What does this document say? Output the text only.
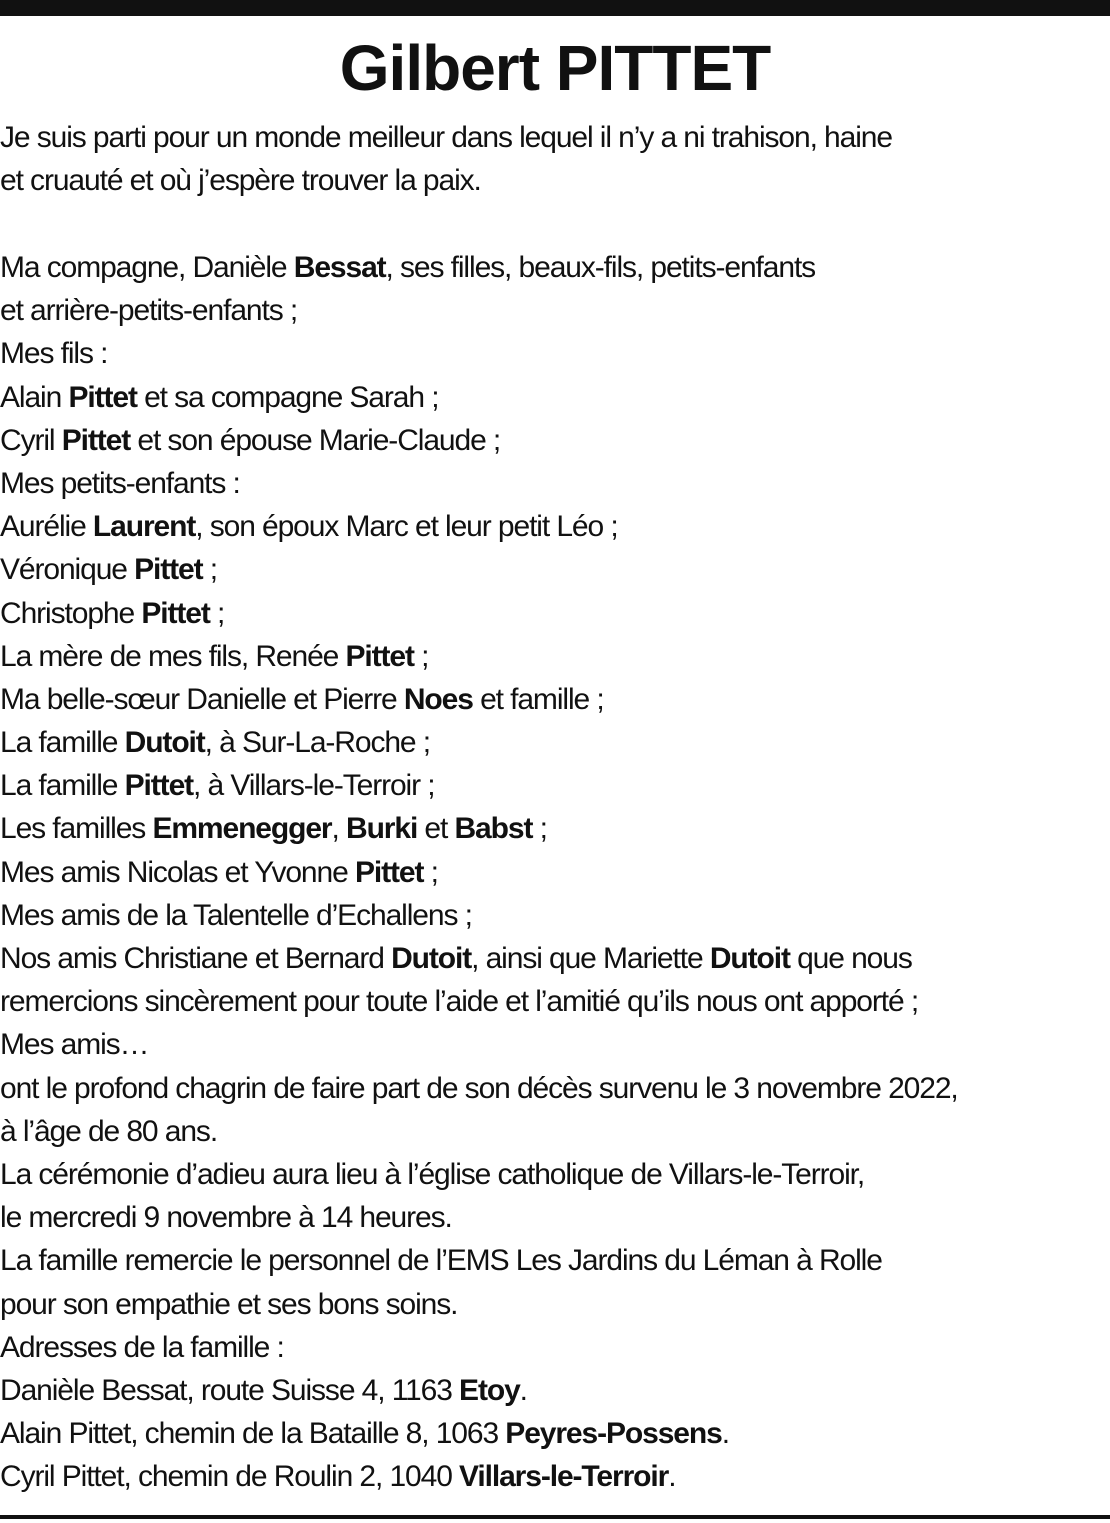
Gilbert PITTET
Je suis parti pour un monde meilleur dans lequel il n’y a ni trahison, haine
et cruauté et où j’espère trouver la paix.
Ma compagne, Danièle Bessat, ses filles, beaux-fils, petits-enfants
et arrière-petits-enfants ;
Mes fils :
Alain Pittet et sa compagne Sarah ;
Cyril Pittet et son épouse Marie-Claude ;
Mes petits-enfants :
Aurélie Laurent, son époux Marc et leur petit Léo ;
Véronique Pittet ;
Christophe Pittet ;
La mère de mes fils, Renée Pittet ;
Ma belle-sœur Danielle et Pierre Noes et famille ;
La famille Dutoit, à Sur-La-Roche ;
La famille Pittet, à Villars-le-Terroir ;
Les familles Emmenegger, Burki et Babst ;
Mes amis Nicolas et Yvonne Pittet ;
Mes amis de la Talentelle d’Echallens ;
Nos amis Christiane et Bernard Dutoit, ainsi que Mariette Dutoit que nous
remercions sincèrement pour toute l’aide et l’amitié qu’ils nous ont apporté ;
Mes amis…
ont le profond chagrin de faire part de son décès survenu le 3 novembre 2022,
à l’âge de 80 ans.
La cérémonie d’adieu aura lieu à l’église catholique de Villars-le-Terroir,
le mercredi 9 novembre à 14 heures.
La famille remercie le personnel de l’EMS Les Jardins du Léman à Rolle
pour son empathie et ses bons soins.
Adresses de la famille :
Danièle Bessat, route Suisse 4, 1163 Etoy.
Alain Pittet, chemin de la Bataille 8, 1063 Peyres-Possens.
Cyril Pittet, chemin de Roulin 2, 1040 Villars-le-Terroir.
